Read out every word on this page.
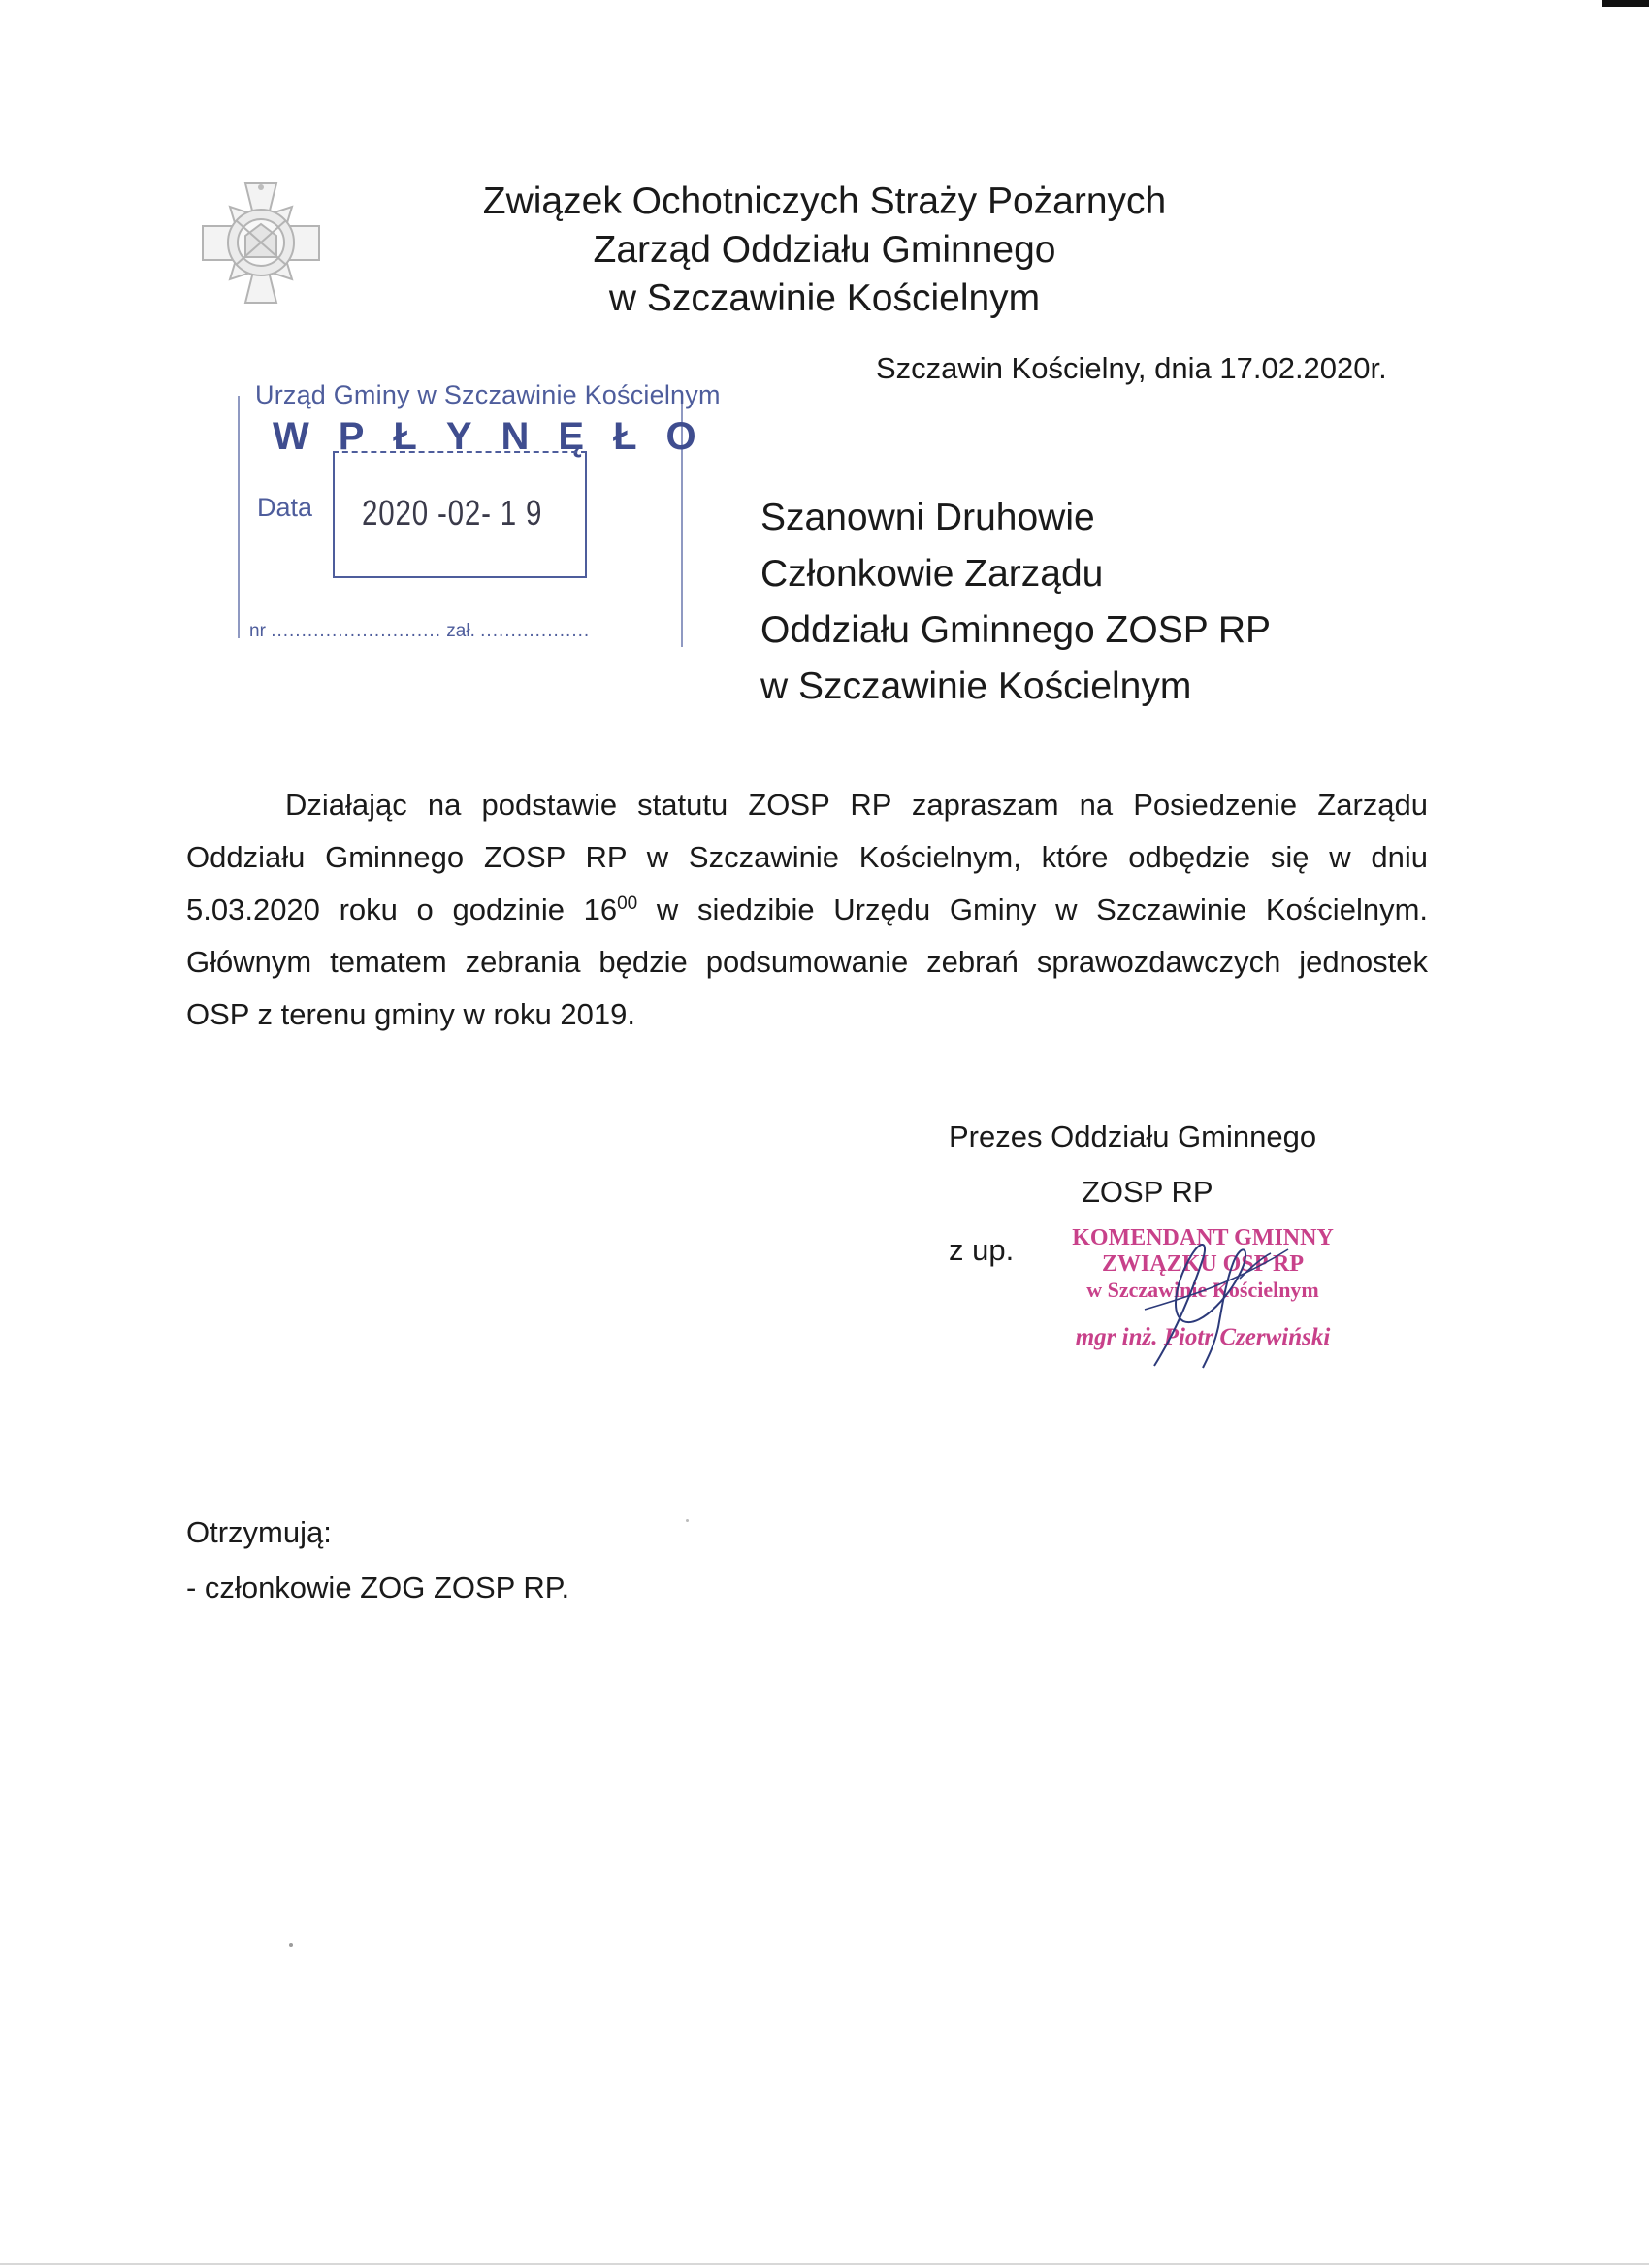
Związek Ochotniczych Straży Pożarnych
Zarząd Oddziału Gminnego
w Szczawinie Kościelnym
Szczawin Kościelny, dnia 17.02.2020r.
Urząd Gminy w Szczawinie Kościelnym
WPŁYNĘŁO
Data 2020 -02- 1 9
nr ............................ zał. ..................
Szanowni Druhowie
Członkowie Zarządu
Oddziału Gminnego ZOSP RP
w Szczawinie Kościelnym

Działając na podstawie statutu ZOSP RP zapraszam na Posiedzenie Zarządu Oddziału Gminnego ZOSP RP w Szczawinie Kościelnym, które odbędzie się w dniu 5.03.2020 roku o godzinie $16^{00}$ w siedzibie Urzędu Gminy w Szczawinie Kościelnym. Głównym tematem zebrania będzie podsumowanie zebrań sprawozdawczych jednostek OSP z terenu gminy w roku 2019.

Prezes Oddziału Gminnego
ZOSP RP
z up.	KOMENDANT GMINNY
ZWIĄZKU OSP RP
w Szczawinie Kościelnym
mgr inż. Piotr Czerwiński
Otrzymują:
- członkowie ZOG ZOSP RP.
